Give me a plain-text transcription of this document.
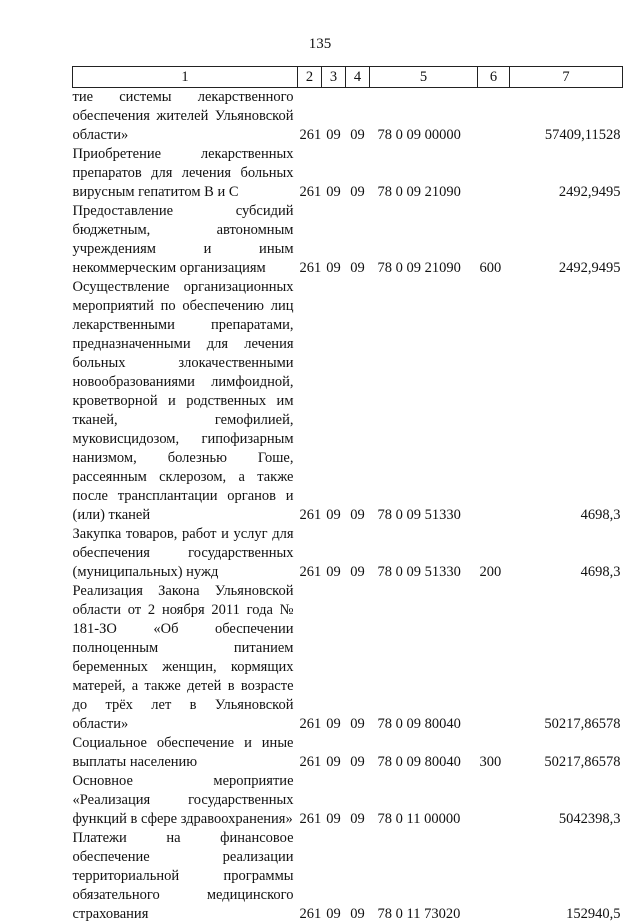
135
1	2	3	4	5	6	7
тие системы лекарственного обеспечения жителей Ульяновской области»	261	09	09	78 0 09 00000		57409,11528
Приобретение лекарственных препаратов для лечения больных вирусным гепатитом В и С	261	09	09	78 0 09 21090		2492,9495
Предоставление субсидий бюджетным, автономным учреждениям и иным некоммерческим организациям	261	09	09	78 0 09 21090	600	2492,9495
Осуществление организационных мероприятий по обеспечению лиц лекарственными препаратами, предназначенными для лечения больных злокачественными новообразованиями лимфоидной, кроветворной и родственных им тканей, гемофилией, муковисцидозом, гипофизарным нанизмом, болезнью Гоше, рассеянным склерозом, а также после трансплантации органов и (или) тканей	261	09	09	78 0 09 51330		4698,3
Закупка товаров, работ и услуг для обеспечения государственных (муниципальных) нужд	261	09	09	78 0 09 51330	200	4698,3
Реализация Закона Ульяновской области от 2 ноября 2011 года № 181-ЗО «Об обеспечении полноценным питанием беременных женщин, кормящих матерей, а также детей в возрасте до трёх лет в Ульяновской области»	261	09	09	78 0 09 80040		50217,86578
Социальное обеспечение и иные выплаты населению	261	09	09	78 0 09 80040	300	50217,86578
Основное мероприятие «Реализация государственных функций в сфере здравоохранения»	261	09	09	78 0 11 00000		5042398,3
Платежи на финансовое обеспечение реализации территориальной программы обязательного медицинского страхования	261	09	09	78 0 11 73020		152940,5
